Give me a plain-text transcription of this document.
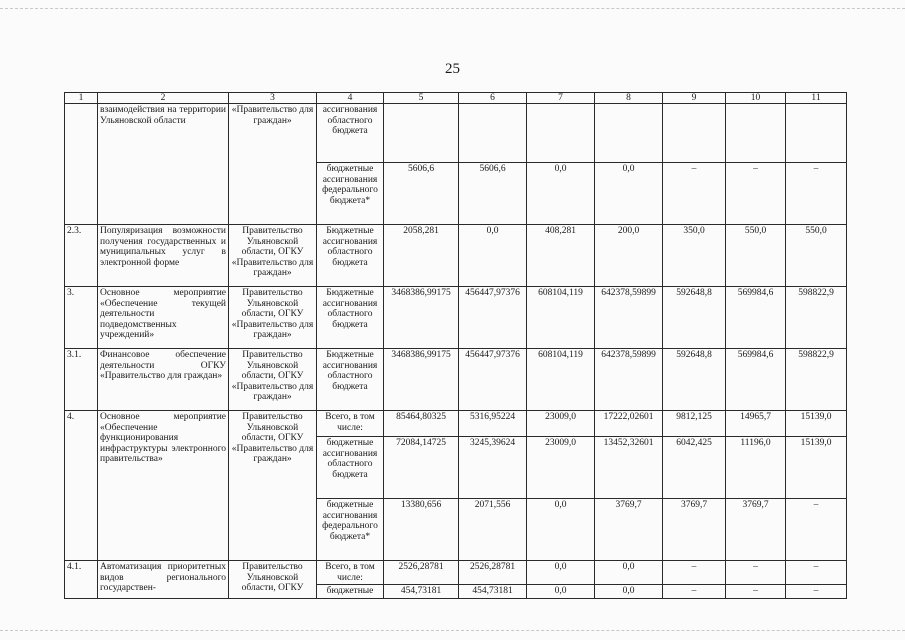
25
1	2	3	4	5	6	7	8	9	10	11
	взаимодействия на территории Ульяновской области	«Правительство для граждан»	ассигнования областного бюджета							
			бюджетные ассигнования федерального бюджета*	5606,6	5606,6	0,0	0,0	–	–	–
2.3.	Популяризация возможности получения государственных и муниципальных услуг в электронной форме	Правительство Ульяновской области, ОГКУ «Правительство для граждан»	Бюджетные ассигнования областного бюджета	2058,281	0,0	408,281	200,0	350,0	550,0	550,0
3.	Основное мероприятие «Обеспечение текущей деятельности подведомственных учреждений»	Правительство Ульяновской области, ОГКУ «Правительство для граждан»	Бюджетные ассигнования областного бюджета	3468386,99175	456447,97376	608104,119	642378,59899	592648,8	569984,6	598822,9
3.1.	Финансовое обеспечение деятельности ОГКУ «Правительство для граждан»	Правительство Ульяновской области, ОГКУ «Правительство для граждан»	Бюджетные ассигнования областного бюджета	3468386,99175	456447,97376	608104,119	642378,59899	592648,8	569984,6	598822,9
4.	Основное мероприятие «Обеспечение функционирования инфраструктуры электронного правительства»	Правительство Ульяновской области, ОГКУ «Правительство для граждан»	Всего, в том числе:	85464,80325	5316,95224	23009,0	17222,02601	9812,125	14965,7	15139,0
			бюджетные ассигнования областного бюджета	72084,14725	3245,39624	23009,0	13452,32601	6042,425	11196,0	15139,0
			бюджетные ассигнования федерального бюджета*	13380,656	2071,556	0,0	3769,7	3769,7	3769,7	–
4.1.	Автоматизация приоритетных видов регионального государствен-	Правительство Ульяновской области, ОГКУ	Всего, в том числе:	2526,28781	2526,28781	0,0	0,0	–	–	–
			бюджетные	454,73181	454,73181	0,0	0,0	–	–	–
